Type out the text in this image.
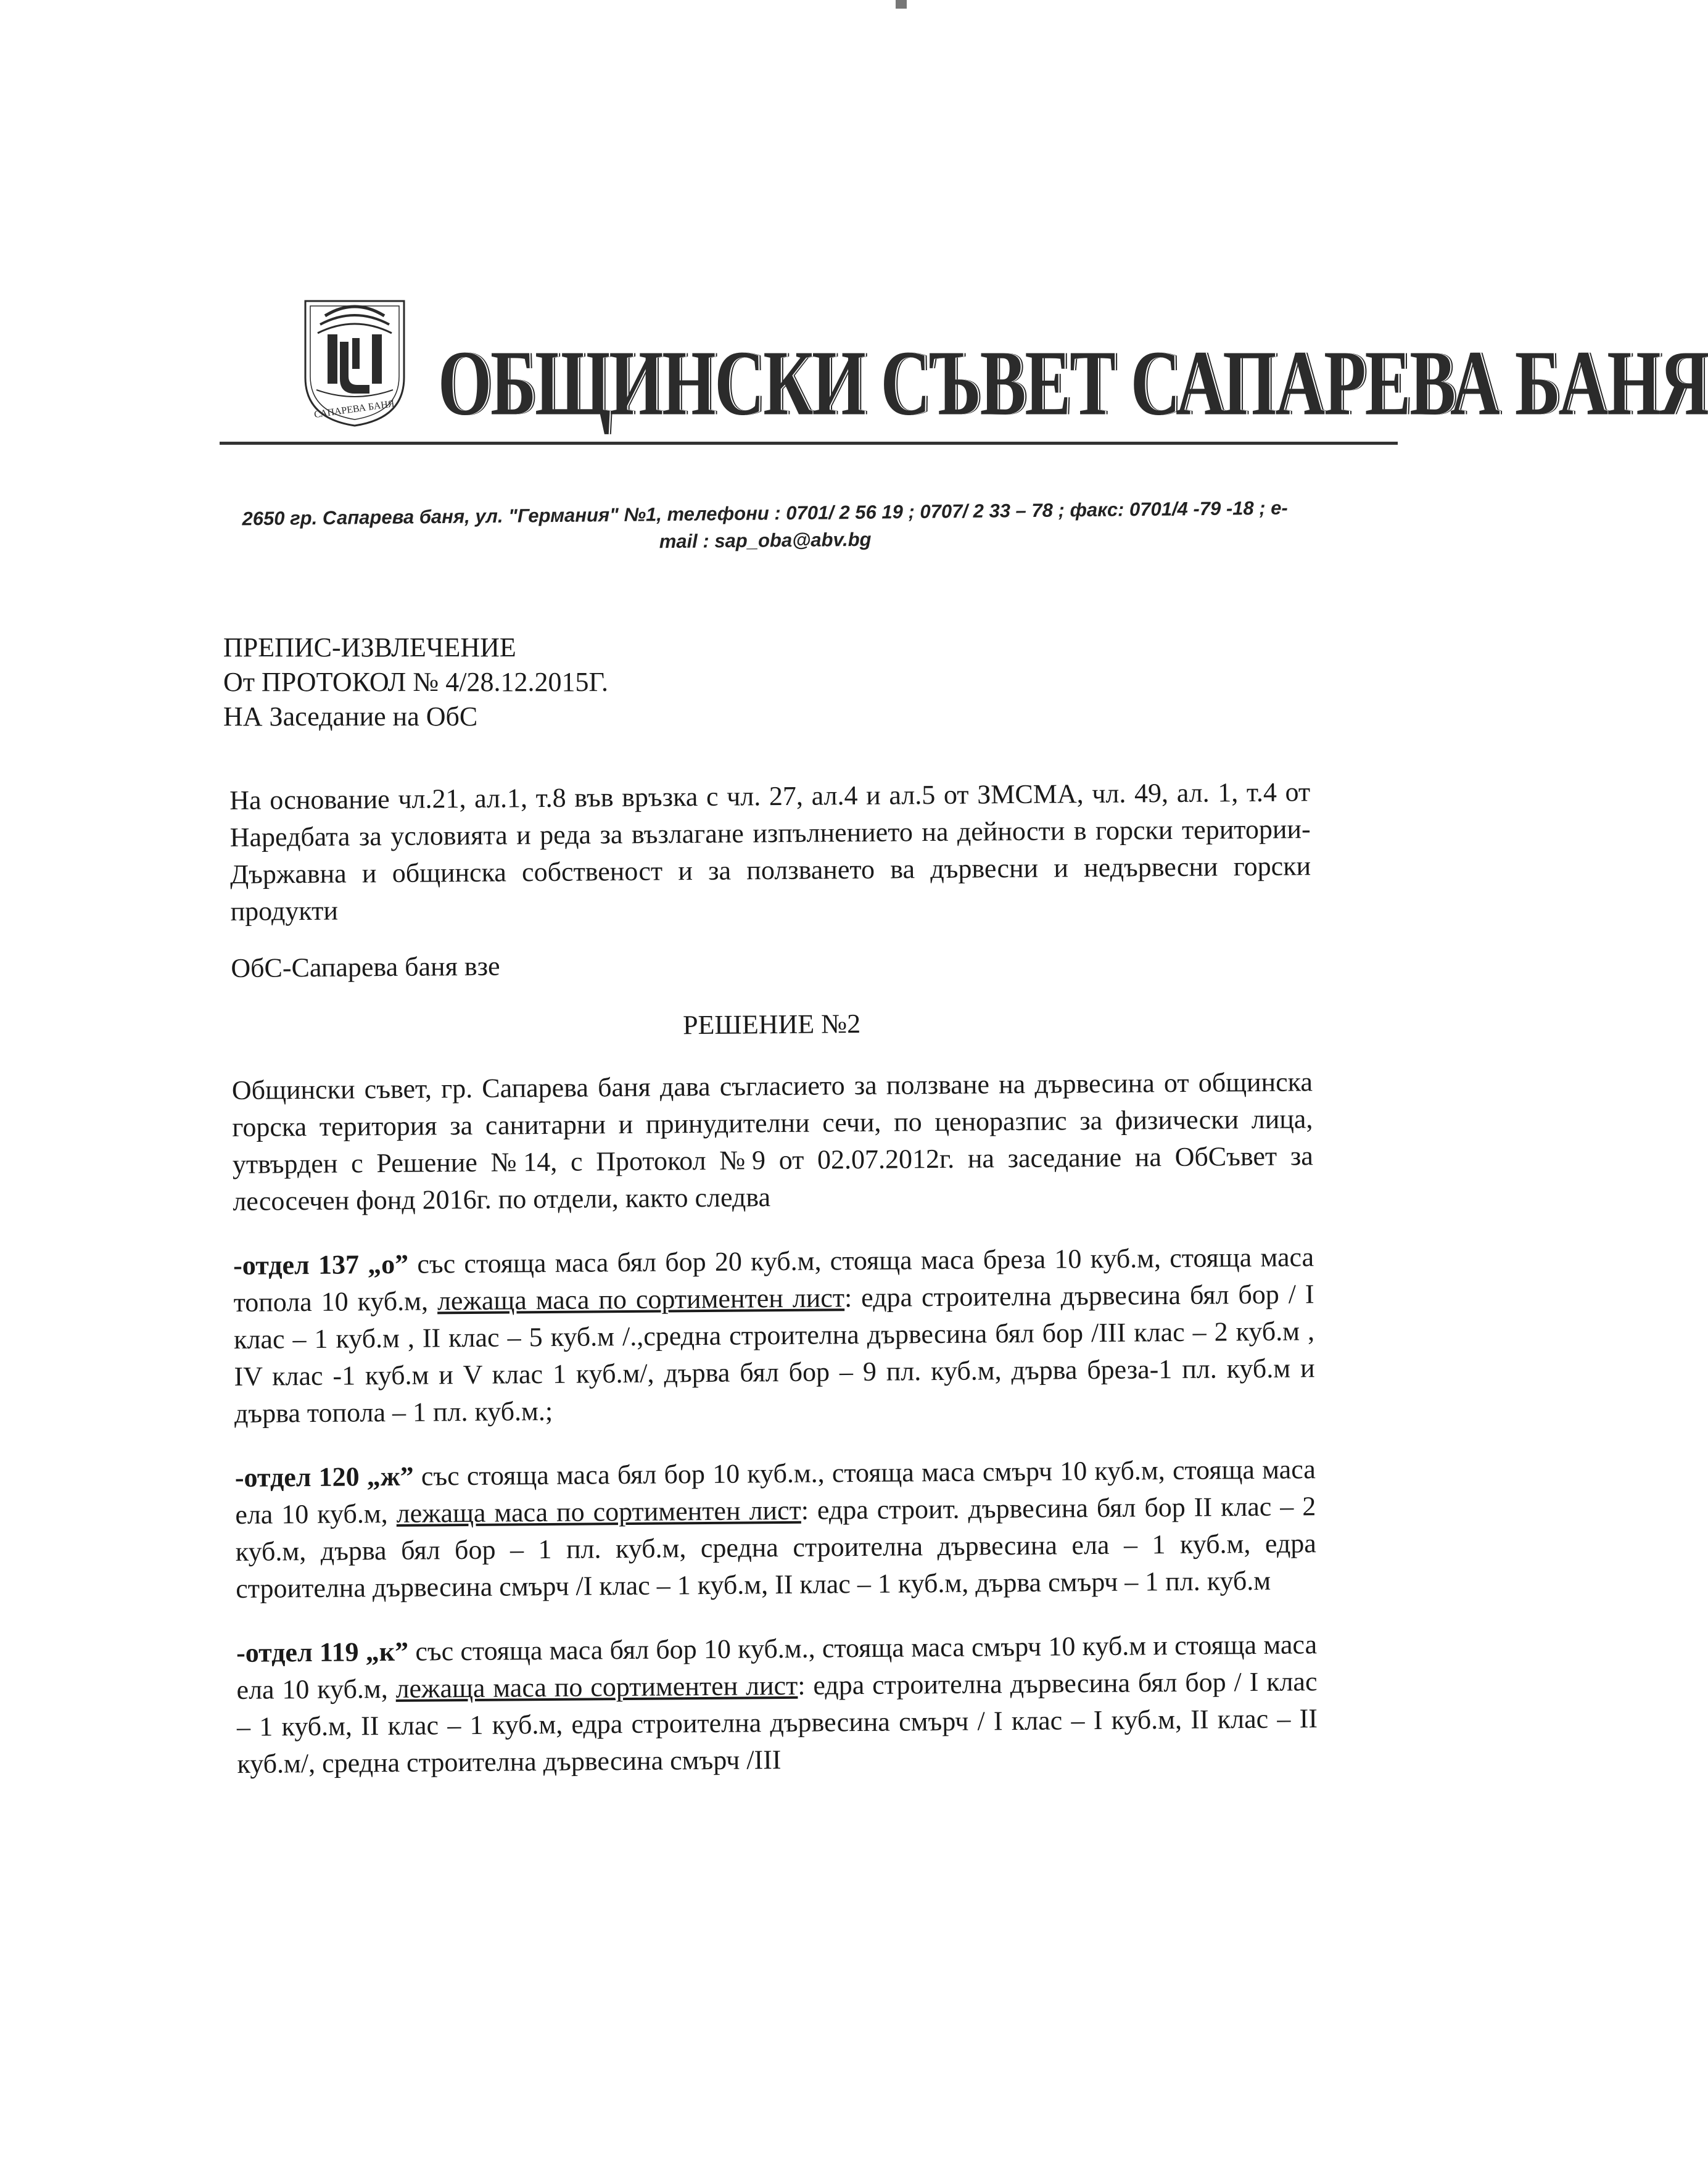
САПАРЕВА БАНЯ ОБЩИНСКИ СЪВЕТ САПАРЕВА БАНЯ
2650 гр. Сапарева баня, ул. "Германия" №1, телефони : 0701/ 2 56 19 ; 0707/ 2 33 – 78 ; факс: 0701/4 -79 -18 ; e-
mail : sap_oba@abv.bg
ПРЕПИС-ИЗВЛЕЧЕНИЕ
От ПРОТОКОЛ № 4/28.12.2015Г.
НА Заседание на ОбС

На основание чл.21, ал.1, т.8 във връзка с чл. 27, ал.4 и ал.5 от ЗМСМА, чл. 49, ал. 1, т.4 от Наредбата за условията и реда за възлагане изпълнението на дейности в горски територии-Държавна и общинска собственост и за ползването ва дървесни и недървесни горски продукти

ОбС-Сапарева баня взе

РЕШЕНИЕ №2

Общински съвет, гр. Сапарева баня дава съгласието за ползване на дървесина от общинска горска територия за санитарни и принудителни сечи, по ценоразпис за физически лица, утвърден с Решение №14, с Протокол №9 от 02.07.2012г. на заседание на ОбСъвет за лесосечен фонд 2016г. по отдели, както следва

-отдел 137 „о” със стояща маса бял бор 20 куб.м, стояща маса бреза 10 куб.м, стояща маса топола 10 куб.м, лежаща маса по сортиментен лист: едра строителна дървесина бял бор / I клас – 1 куб.м , II клас – 5 куб.м /.,средна строителна дървесина бял бор /III клас – 2 куб.м , IV клас -1 куб.м и V клас 1 куб.м/, дърва бял бор – 9 пл. куб.м, дърва бреза-1 пл. куб.м и дърва топола – 1 пл. куб.м.;

-отдел 120 „ж” със стояща маса бял бор 10 куб.м., стояща маса смърч 10 куб.м, стояща маса ела 10 куб.м, лежаща маса по сортиментен лист: едра строит. дървесина бял бор II клас – 2 куб.м, дърва бял бор – 1 пл. куб.м, средна строителна дървесина ела – 1 куб.м, едра строителна дървесина смърч /I клас – 1 куб.м, II клас – 1 куб.м, дърва смърч – 1 пл. куб.м

-отдел 119 „к” със стояща маса бял бор 10 куб.м., стояща маса смърч 10 куб.м и стояща маса ела 10 куб.м, лежаща маса по сортиментен лист: едра строителна дървесина бял бор / I клас – 1 куб.м, II клас – 1 куб.м, едра строителна дървесина смърч / I клас – I куб.м, II клас – II куб.м/, средна строителна дървесина смърч /III
